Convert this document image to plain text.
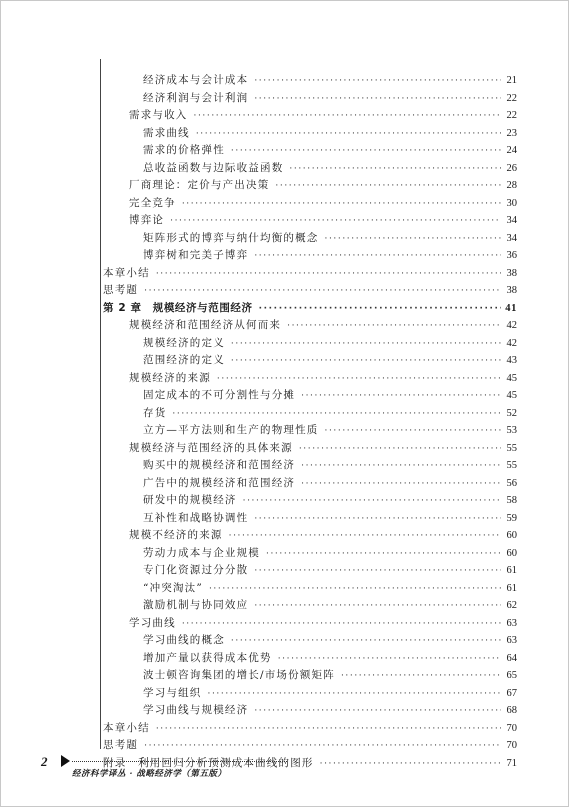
经济成本与会计成本 ·····	21
经济利润与会计利润 ·····	22
需求与收入 ·····	22
需求曲线 ·····	23
需求的价格弹性 ·····	24
总收益函数与边际收益函数 ·····	26
厂商理论：定价与产出决策 ·····	28
完全竞争 ·····	30
博弈论 ·····	34
矩阵形式的博弈与纳什均衡的概念 ·····	34
博弈树和完美子博弈 ·····	36
本章小结 ·····	38
思考题 ·····	38
第 2 章　规模经济与范围经济 ·····	41
规模经济和范围经济从何而来 ·····	42
规模经济的定义 ·····	42
范围经济的定义 ·····	43
规模经济的来源 ·····	45
固定成本的不可分割性与分摊 ·····	45
存货 ·····	52
立方—平方法则和生产的物理性质 ·····	53
规模经济与范围经济的具体来源 ·····	55
购买中的规模经济和范围经济 ·····	55
广告中的规模经济和范围经济 ·····	56
研发中的规模经济 ·····	58
互补性和战略协调性 ·····	59
规模不经济的来源 ·····	60
劳动力成本与企业规模 ·····	60
专门化资源过分分散 ·····	61
“冲突淘汰” ·····	61
激励机制与协同效应 ·····	62
学习曲线 ·····	63
学习曲线的概念 ·····	63
增加产量以获得成本优势 ·····	64
波士顿咨询集团的增长/市场份额矩阵 ·····	65
学习与组织 ·····	67
学习曲线与规模经济 ·····	68
本章小结 ·····	70
思考题 ·····	70
附录　利用回归分析预测成本曲线的图形 ·····	71
2
经济科学译丛 · 战略经济学（第五版）
